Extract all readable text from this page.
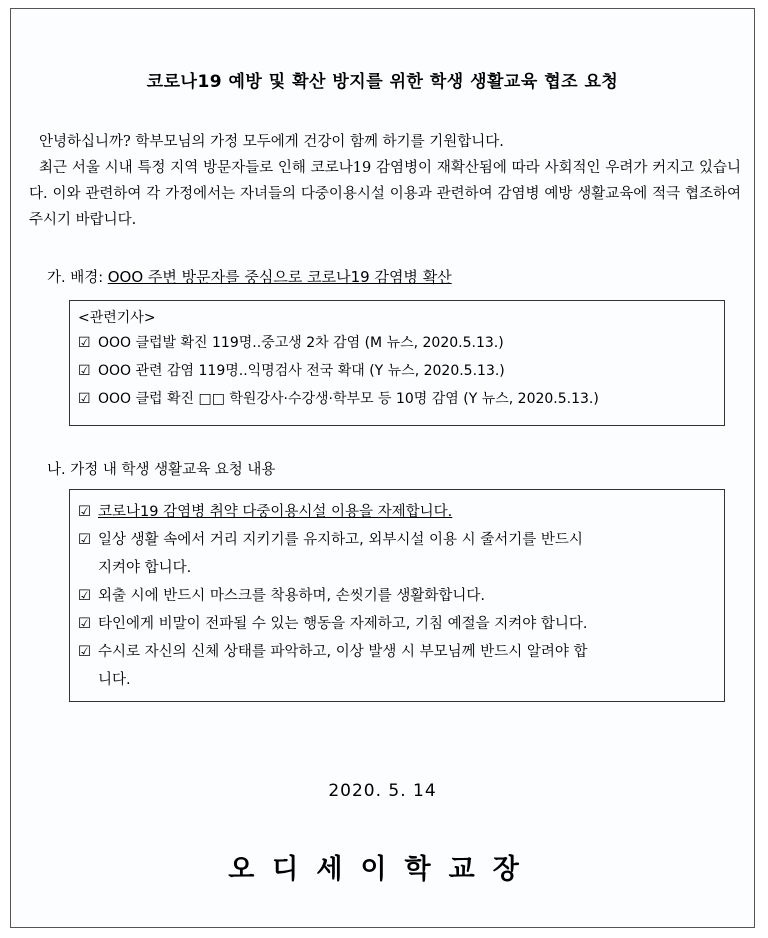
코로나19 예방 및 확산 방지를 위한 학생 생활교육 협조 요청

안녕하십니까? 학부모님의 가정 모두에게 건강이 함께 하기를 기원합니다.

최근 서울 시내 특정 지역 방문자들로 인해 코로나19 감염병이 재확산됨에 따라 사회적인 우려가 커지고 있습니다. 이와 관련하여 각 가정에서는 자녀들의 다중이용시설 이용과 관련하여 감염병 예방 생활교육에 적극 협조하여 주시기 바랍니다.

가. 배경: OOO 주변 방문자를 중심으로 코로나19 감염병 확산
<관련기사>
☑ OOO 클럽발 확진 119명..중고생 2차 감염 (M 뉴스, 2020.5.13.)
☑ OOO 관련 감염 119명..익명검사 전국 확대 (Y 뉴스, 2020.5.13.)
☑ OOO 클럽 확진 □□ 학원강사·수강생·학부모 등 10명 감염 (Y 뉴스, 2020.5.13.)
나. 가정 내 학생 생활교육 요청 내용
☑ 코로나19 감염병 취약 다중이용시설 이용을 자제합니다.
☑ 일상 생활 속에서 거리 지키기를 유지하고, 외부시설 이용 시 줄서기를 반드시
지켜야 합니다.
☑ 외출 시에 반드시 마스크를 착용하며, 손씻기를 생활화합니다.
☑ 타인에게 비말이 전파될 수 있는 행동을 자제하고, 기침 예절을 지켜야 합니다.
☑ 수시로 자신의 신체 상태를 파악하고, 이상 발생 시 부모님께 반드시 알려야 합
니다.
2020. 5. 14
오디세이학교장
